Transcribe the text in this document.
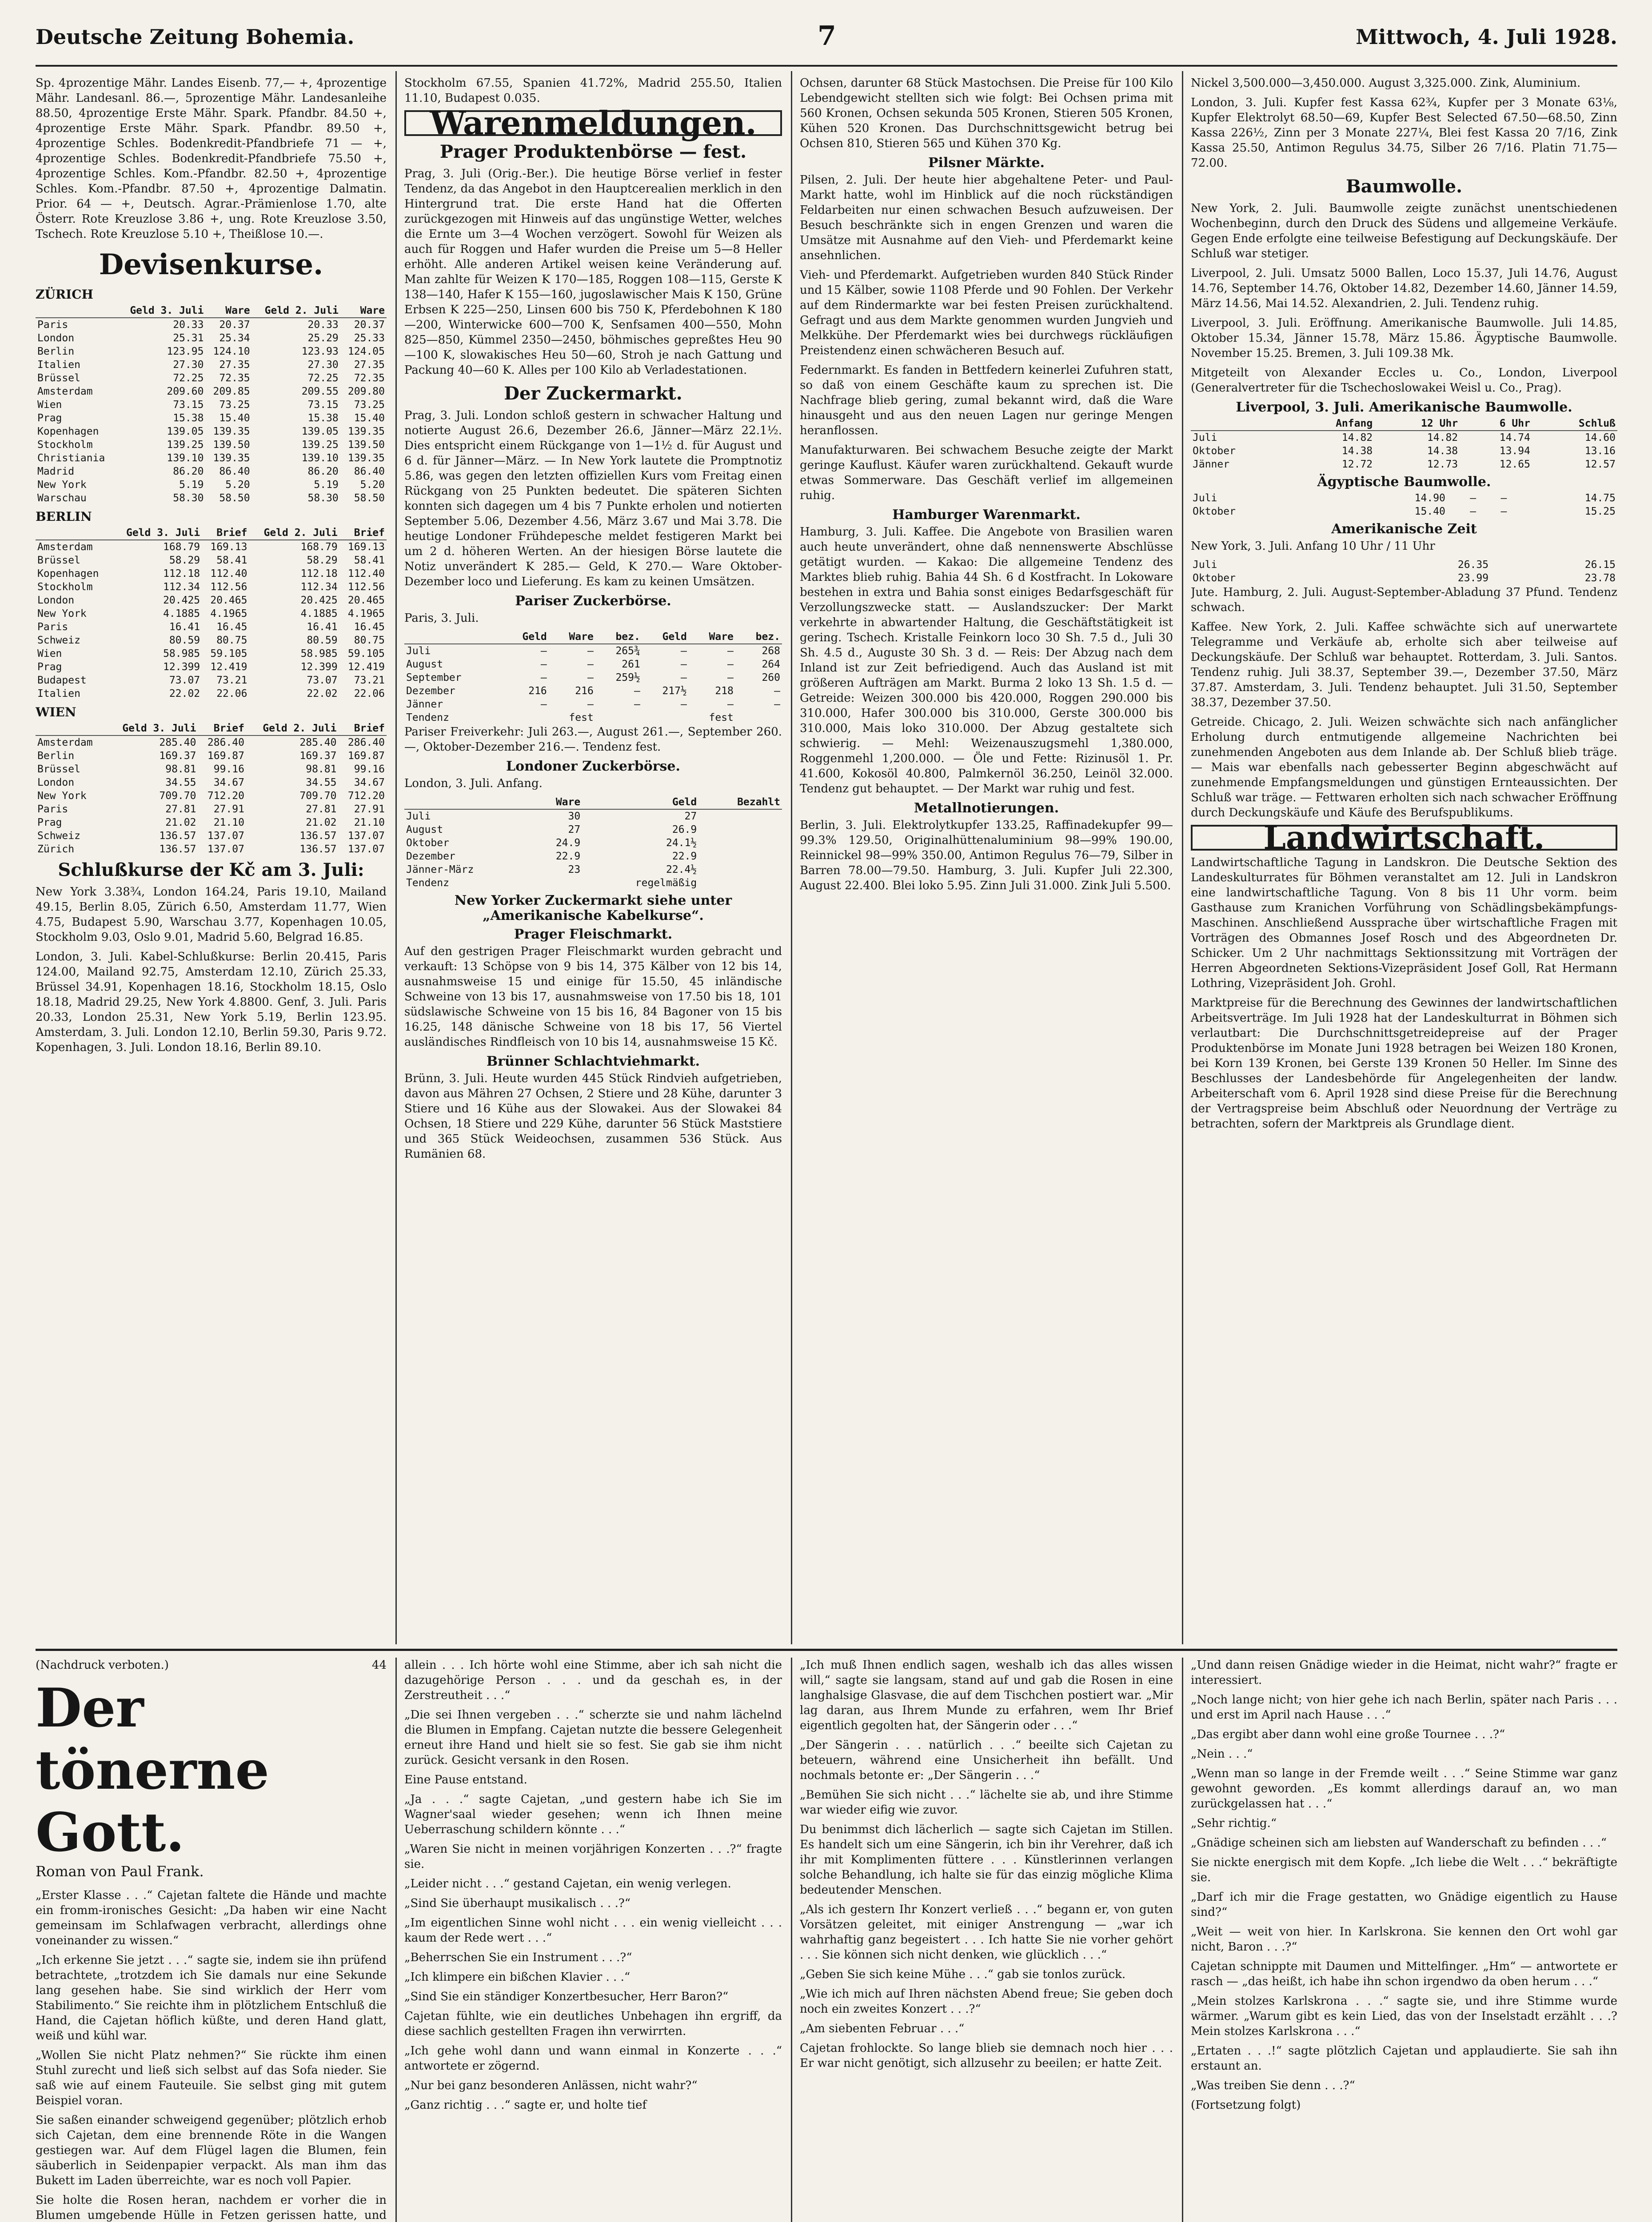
Deutsche Zeitung Bohemia.	7	Mittwoch, 4. Juli 1928.

Sp. 4prozentige Mähr. Landes Eisenb. 77,— +, 4prozentige Mähr. Landesanl. 86.—, 5prozentige Mähr. Landesanleihe 88.50, 4prozentige Erste Mähr. Spark. Pfandbr. 84.50 +, 4prozentige Erste Mähr. Spark. Pfandbr. 89.50 +, 4prozentige Schles. Bodenkredit-Pfandbriefe 71 — +, 4prozentige Schles. Bodenkredit-Pfandbriefe 75.50 +, 4prozentige Schles. Kom.-Pfandbr. 82.50 +, 4prozentige Schles. Kom.-Pfandbr. 87.50 +, 4prozentige Dalmatin. Prior. 64 — +, Deutsch. Agrar.-Prämienlose 1.70, alte Österr. Rote Kreuzlose 3.86 +, ung. Rote Kreuzlose 3.50, Tschech. Rote Kreuzlose 5.10 +, Theißlose 10.—.

Devisenkurse.
ZÜRICH
	Geld 3. Juli	Ware	Geld 2. Juli	Ware
Paris	20.33	20.37	20.33	20.37
London	25.31	25.34	25.29	25.33
Berlin	123.95	124.10	123.93	124.05
Italien	27.30	27.35	27.30	27.35
Brüssel	72.25	72.35	72.25	72.35
Amsterdam	209.60	209.85	209.55	209.80
Wien	73.15	73.25	73.15	73.25
Prag	15.38	15.40	15.38	15.40
Kopenhagen	139.05	139.35	139.05	139.35
Stockholm	139.25	139.50	139.25	139.50
Christiania	139.10	139.35	139.10	139.35
Madrid	86.20	86.40	86.20	86.40
New York	5.19	5.20	5.19	5.20
Warschau	58.30	58.50	58.30	58.50
BERLIN
	Geld 3. Juli	Brief	Geld 2. Juli	Brief
Amsterdam	168.79	169.13	168.79	169.13
Brüssel	58.29	58.41	58.29	58.41
Kopenhagen	112.18	112.40	112.18	112.40
Stockholm	112.34	112.56	112.34	112.56
London	20.425	20.465	20.425	20.465
New York	4.1885	4.1965	4.1885	4.1965
Paris	16.41	16.45	16.41	16.45
Schweiz	80.59	80.75	80.59	80.75
Wien	58.985	59.105	58.985	59.105
Prag	12.399	12.419	12.399	12.419
Budapest	73.07	73.21	73.07	73.21
Italien	22.02	22.06	22.02	22.06
WIEN
	Geld 3. Juli	Brief	Geld 2. Juli	Brief
Amsterdam	285.40	286.40	285.40	286.40
Berlin	169.37	169.87	169.37	169.87
Brüssel	98.81	99.16	98.81	99.16
London	34.55	34.67	34.55	34.67
New York	709.70	712.20	709.70	712.20
Paris	27.81	27.91	27.81	27.91
Prag	21.02	21.10	21.02	21.10
Schweiz	136.57	137.07	136.57	137.07
Zürich	136.57	137.07	136.57	137.07
Schlußkurse der Kč am 3. Juli:

New York 3.38¾, London 164.24, Paris 19.10, Mailand 49.15, Berlin 8.05, Zürich 6.50, Amsterdam 11.77, Wien 4.75, Budapest 5.90, Warschau 3.77, Kopenhagen 10.05, Stockholm 9.03, Oslo 9.01, Madrid 5.60, Belgrad 16.85.

London, 3. Juli. Kabel-Schlußkurse: Berlin 20.415, Paris 124.00, Mailand 92.75, Amsterdam 12.10, Zürich 25.33, Brüssel 34.91, Kopenhagen 18.16, Stockholm 18.15, Oslo 18.18, Madrid 29.25, New York 4.8800. Genf, 3. Juli. Paris 20.33, London 25.31, New York 5.19, Berlin 123.95. Amsterdam, 3. Juli. London 12.10, Berlin 59.30, Paris 9.72. Kopenhagen, 3. Juli. London 18.16, Berlin 89.10.

Stockholm 67.55, Spanien 41.72%, Madrid 255.50, Italien 11.10, Budapest 0.035.

Warenmeldungen.
Prager Produktenbörse — fest.

Prag, 3. Juli (Orig.-Ber.). Die heutige Börse verlief in fester Tendenz, da das Angebot in den Hauptcerealien merklich in den Hintergrund trat. Die erste Hand hat die Offerten zurückgezogen mit Hinweis auf das ungünstige Wetter, welches die Ernte um 3—4 Wochen verzögert. Sowohl für Weizen als auch für Roggen und Hafer wurden die Preise um 5—8 Heller erhöht. Alle anderen Artikel weisen keine Veränderung auf. Man zahlte für Weizen K 170—185, Roggen 108—115, Gerste K 138—140, Hafer K 155—160, jugoslawischer Mais K 150, Grüne Erbsen K 225—250, Linsen 600 bis 750 K, Pferdebohnen K 180—200, Winterwicke 600—700 K, Senfsamen 400—550, Mohn 825—850, Kümmel 2350—2450, böhmisches gepreßtes Heu 90—100 K, slowakisches Heu 50—60, Stroh je nach Gattung und Packung 40—60 K. Alles per 100 Kilo ab Verladestationen.

Der Zuckermarkt.

Prag, 3. Juli. London schloß gestern in schwacher Haltung und notierte August 26.6, Dezember 26.6, Jänner—März 22.1½. Dies entspricht einem Rückgange von 1—1½ d. für August und 6 d. für Jänner—März. — In New York lautete die Promptnotiz 5.86, was gegen den letzten offiziellen Kurs vom Freitag einen Rückgang von 25 Punkten bedeutet. Die späteren Sichten konnten sich dagegen um 4 bis 7 Punkte erholen und notierten September 5.06, Dezember 4.56, März 3.67 und Mai 3.78. Die heutige Londoner Frühdepesche meldet festigeren Markt bei um 2 d. höheren Werten. An der hiesigen Börse lautete die Notiz unverändert K 285.— Geld, K 270.— Ware Oktober-Dezember loco und Lieferung. Es kam zu keinen Umsätzen.

Pariser Zuckerbörse.

Paris, 3. Juli.

	Geld	Ware	bez.	Geld	Ware	bez.
Juli	—	—	265¾	—	—	268
August	—	—	261	—	—	264
September	—	—	259½	—	—	260
Dezember	216	216	—	217½	218	—
Jänner	—	—	—	—	—	—
Tendenz		fest			fest	

Pariser Freiverkehr: Juli 263.—, August 261.—, September 260.—, Oktober-Dezember 216.—. Tendenz fest.

Londoner Zuckerbörse.

London, 3. Juli. Anfang.

	Ware	Geld	Bezahlt
Juli	30	27	
August	27	26.9	
Oktober	24.9	24.1½	
Dezember	22.9	22.9	
Jänner-März	23	22.4½	
Tendenz		regelmäßig	
New Yorker Zuckermarkt siehe unter „Amerikanische Kabelkurse“.
Prager Fleischmarkt.

Auf den gestrigen Prager Fleischmarkt wurden gebracht und verkauft: 13 Schöpse von 9 bis 14, 375 Kälber von 12 bis 14, ausnahmsweise 15 und einige für 15.50, 45 inländische Schweine von 13 bis 17, ausnahmsweise von 17.50 bis 18, 101 südslawische Schweine von 15 bis 16, 84 Bagoner von 15 bis 16.25, 148 dänische Schweine von 18 bis 17, 56 Viertel ausländisches Rindfleisch von 10 bis 14, ausnahmsweise 15 Kč.

Brünner Schlachtviehmarkt.

Brünn, 3. Juli. Heute wurden 445 Stück Rindvieh aufgetrieben, davon aus Mähren 27 Ochsen, 2 Stiere und 28 Kühe, darunter 3 Stiere und 16 Kühe aus der Slowakei. Aus der Slowakei 84 Ochsen, 18 Stiere und 229 Kühe, darunter 56 Stück Maststiere und 365 Stück Weideochsen, zusammen 536 Stück. Aus Rumänien 68.

Ochsen, darunter 68 Stück Mastochsen. Die Preise für 100 Kilo Lebendgewicht stellten sich wie folgt: Bei Ochsen prima mit 560 Kronen, Ochsen sekunda 505 Kronen, Stieren 505 Kronen, Kühen 520 Kronen. Das Durchschnittsgewicht betrug bei Ochsen 810, Stieren 565 und Kühen 370 Kg.

Pilsner Märkte.

Pilsen, 2. Juli. Der heute hier abgehaltene Peter- und Paul-Markt hatte, wohl im Hinblick auf die noch rückständigen Feldarbeiten nur einen schwachen Besuch aufzuweisen. Der Besuch beschränkte sich in engen Grenzen und waren die Umsätze mit Ausnahme auf den Vieh- und Pferdemarkt keine ansehnlichen.

Vieh- und Pferdemarkt. Aufgetrieben wurden 840 Stück Rinder und 15 Kälber, sowie 1108 Pferde und 90 Fohlen. Der Verkehr auf dem Rindermarkte war bei festen Preisen zurückhaltend. Gefragt und aus dem Markte genommen wurden Jungvieh und Melkkühe. Der Pferdemarkt wies bei durchwegs rückläufigen Preistendenz einen schwächeren Besuch auf.

Federnmarkt. Es fanden in Bettfedern keinerlei Zufuhren statt, so daß von einem Geschäfte kaum zu sprechen ist. Die Nachfrage blieb gering, zumal bekannt wird, daß die Ware hinausgeht und aus den neuen Lagen nur geringe Mengen heranflossen.

Manufakturwaren. Bei schwachem Besuche zeigte der Markt geringe Kauflust. Käufer waren zurückhaltend. Gekauft wurde etwas Sommerware. Das Geschäft verlief im allgemeinen ruhig.

Hamburger Warenmarkt.

Hamburg, 3. Juli. Kaffee. Die Angebote von Brasilien waren auch heute unverändert, ohne daß nennenswerte Abschlüsse getätigt wurden. — Kakao: Die allgemeine Tendenz des Marktes blieb ruhig. Bahia 44 Sh. 6 d Kostfracht. In Lokoware bestehen in extra und Bahia sonst einiges Bedarfsgeschäft für Verzollungszwecke statt. — Auslandszucker: Der Markt verkehrte in abwartender Haltung, die Geschäftstätigkeit ist gering. Tschech. Kristalle Feinkorn loco 30 Sh. 7.5 d., Juli 30 Sh. 4.5 d., Auguste 30 Sh. 3 d. — Reis: Der Abzug nach dem Inland ist zur Zeit befriedigend. Auch das Ausland ist mit größeren Aufträgen am Markt. Burma 2 loko 13 Sh. 1.5 d. — Getreide: Weizen 300.000 bis 420.000, Roggen 290.000 bis 310.000, Hafer 300.000 bis 310.000, Gerste 300.000 bis 310.000, Mais loko 310.000. Der Abzug gestaltete sich schwierig. — Mehl: Weizenauszugsmehl 1,380.000, Roggenmehl 1,200.000. — Öle und Fette: Rizinusöl 1. Pr. 41.600, Kokosöl 40.800, Palmkernöl 36.250, Leinöl 32.000. Tendenz gut behauptet. — Der Markt war ruhig und fest.

Metallnotierungen.

Berlin, 3. Juli. Elektrolytkupfer 133.25, Raffinadekupfer 99—99.3% 129.50, Originalhüttenaluminium 98—99% 190.00, Reinnickel 98—99% 350.00, Antimon Regulus 76—79, Silber in Barren 78.00—79.50. Hamburg, 3. Juli. Kupfer Juli 22.300, August 22.400. Blei loko 5.95. Zinn Juli 31.000. Zink Juli 5.500.

Nickel 3,500.000—3,450.000. August 3,325.000. Zink, Aluminium.

London, 3. Juli. Kupfer fest Kassa 62¾, Kupfer per 3 Monate 63⅛, Kupfer Elektrolyt 68.50—69, Kupfer Best Selected 67.50—68.50, Zinn Kassa 226½, Zinn per 3 Monate 227¼, Blei fest Kassa 20 7/16, Zink Kassa 25.50, Antimon Regulus 34.75, Silber 26 7/16. Platin 71.75—72.00.

Baumwolle.

New York, 2. Juli. Baumwolle zeigte zunächst unentschiedenen Wochenbeginn, durch den Druck des Südens und allgemeine Verkäufe. Gegen Ende erfolgte eine teilweise Befestigung auf Deckungskäufe. Der Schluß war stetiger.

Liverpool, 2. Juli. Umsatz 5000 Ballen, Loco 15.37, Juli 14.76, August 14.76, September 14.76, Oktober 14.82, Dezember 14.60, Jänner 14.59, März 14.56, Mai 14.52. Alexandrien, 2. Juli. Tendenz ruhig.

Liverpool, 3. Juli. Eröffnung. Amerikanische Baumwolle. Juli 14.85, Oktober 15.34, Jänner 15.78, März 15.86. Ägyptische Baumwolle. November 15.25. Bremen, 3. Juli 109.38 Mk.

Mitgeteilt von Alexander Eccles u. Co., London, Liverpool (Generalvertreter für die Tschechoslowakei Weisl u. Co., Prag).

Liverpool, 3. Juli. Amerikanische Baumwolle.
	Anfang	12 Uhr	6 Uhr	Schluß
Juli	14.82	14.82	14.74	14.60
Oktober	14.38	14.38	13.94	13.16
Jänner	12.72	12.73	12.65	12.57
Ägyptische Baumwolle.
Juli	14.90	—	—	14.75
Oktober	15.40	—	—	15.25
Amerikanische Zeit

New York, 3. Juli. Anfang 10 Uhr / 11 Uhr

Juli	26.35	26.15
Oktober	23.99	23.78

Jute. Hamburg, 2. Juli. August-September-Abladung 37 Pfund. Tendenz schwach.

Kaffee. New York, 2. Juli. Kaffee schwächte sich auf unerwartete Telegramme und Verkäufe ab, erholte sich aber teilweise auf Deckungskäufe. Der Schluß war behauptet. Rotterdam, 3. Juli. Santos. Tendenz ruhig. Juli 38.37, September 39.—, Dezember 37.50, März 37.87. Amsterdam, 3. Juli. Tendenz behauptet. Juli 31.50, September 38.37, Dezember 37.50.

Getreide. Chicago, 2. Juli. Weizen schwächte sich nach anfänglicher Erholung durch entmutigende allgemeine Nachrichten bei zunehmenden Angeboten aus dem Inlande ab. Der Schluß blieb träge. — Mais war ebenfalls nach gebesserter Beginn abgeschwächt auf zunehmende Empfangsmeldungen und günstigen Ernteaussichten. Der Schluß war träge. — Fettwaren erholten sich nach schwacher Eröffnung durch Deckungskäufe und Käufe des Berufspublikums.

Landwirtschaft.

Landwirtschaftliche Tagung in Landskron. Die Deutsche Sektion des Landeskulturrates für Böhmen veranstaltet am 12. Juli in Landskron eine landwirtschaftliche Tagung. Von 8 bis 11 Uhr vorm. beim Gasthause zum Kranichen Vorführung von Schädlingsbekämpfungs-Maschinen. Anschließend Aussprache über wirtschaftliche Fragen mit Vorträgen des Obmannes Josef Rosch und des Abgeordneten Dr. Schicker. Um 2 Uhr nachmittags Sektionssitzung mit Vorträgen der Herren Abgeordneten Sektions-Vizepräsident Josef Goll, Rat Hermann Lothring, Vizepräsident Joh. Grohl.

Marktpreise für die Berechnung des Gewinnes der landwirtschaftlichen Arbeitsverträge. Im Juli 1928 hat der Landeskulturrat in Böhmen sich verlautbart: Die Durchschnittsgetreidepreise auf der Prager Produktenbörse im Monate Juni 1928 betragen bei Weizen 180 Kronen, bei Korn 139 Kronen, bei Gerste 139 Kronen 50 Heller. Im Sinne des Beschlusses der Landesbehörde für Angelegenheiten der landw. Arbeiterschaft vom 6. April 1928 sind diese Preise für die Berechnung der Vertragspreise beim Abschluß oder Neuordnung der Verträge zu betrachten, sofern der Marktpreis als Grundlage dient.

(Nachdruck verboten.)	44
Der tönerne Gott.
Roman von Paul Frank.

„Erster Klasse . . .“ Cajetan faltete die Hände und machte ein fromm-ironisches Gesicht: „Da haben wir eine Nacht gemeinsam im Schlafwagen verbracht, allerdings ohne voneinander zu wissen.“

„Ich erkenne Sie jetzt . . .“ sagte sie, indem sie ihn prüfend betrachtete, „trotzdem ich Sie damals nur eine Sekunde lang gesehen habe. Sie sind wirklich der Herr vom Stabilimento.“ Sie reichte ihm in plötzlichem Entschluß die Hand, die Cajetan höflich küßte, und deren Hand glatt, weiß und kühl war.

„Wollen Sie nicht Platz nehmen?“ Sie rückte ihm einen Stuhl zurecht und ließ sich selbst auf das Sofa nieder. Sie saß wie auf einem Fauteuile. Sie selbst ging mit gutem Beispiel voran.

Sie saßen einander schweigend gegenüber; plötzlich erhob sich Cajetan, dem eine brennende Röte in die Wangen gestiegen war. Auf dem Flügel lagen die Blumen, fein säuberlich in Seidenpapier verpackt. Als man ihm das Bukett im Laden überreichte, war es noch voll Papier.

Sie holte die Rosen heran, nachdem er vorher die in Blumen umgebende Hülle in Fetzen gerissen hatte, und

allein . . . Ich hörte wohl eine Stimme, aber ich sah nicht die dazugehörige Person . . . und da geschah es, in der Zerstreutheit . . .“

„Die sei Ihnen vergeben . . .“ scherzte sie und nahm lächelnd die Blumen in Empfang. Cajetan nutzte die bessere Gelegenheit erneut ihre Hand und hielt sie so fest. Sie gab sie ihm nicht zurück. Gesicht versank in den Rosen.

Eine Pause entstand.

„Ja . . .“ sagte Cajetan, „und gestern habe ich Sie im Wagner'saal wieder gesehen; wenn ich Ihnen meine Ueberraschung schildern könnte . . .“

„Waren Sie nicht in meinen vorjährigen Konzerten . . .?“ fragte sie.

„Leider nicht . . .“ gestand Cajetan, ein wenig verlegen.

„Sind Sie überhaupt musikalisch . . .?“

„Im eigentlichen Sinne wohl nicht . . . ein wenig vielleicht . . . kaum der Rede wert . . .“

„Beherrschen Sie ein Instrument . . .?“

„Ich klimpere ein bißchen Klavier . . .“

„Sind Sie ein ständiger Konzertbesucher, Herr Baron?“

Cajetan fühlte, wie ein deutliches Unbehagen ihn ergriff, da diese sachlich gestellten Fragen ihn verwirrten.

„Ich gehe wohl dann und wann einmal in Konzerte . . .“ antwortete er zögernd.

„Nur bei ganz besonderen Anlässen, nicht wahr?“

„Ganz richtig . . .“ sagte er, und holte tief

„Ich muß Ihnen endlich sagen, weshalb ich das alles wissen will,“ sagte sie langsam, stand auf und gab die Rosen in eine langhalsige Glasvase, die auf dem Tischchen postiert war. „Mir lag daran, aus Ihrem Munde zu erfahren, wem Ihr Brief eigentlich gegolten hat, der Sängerin oder . . .“

„Der Sängerin . . . natürlich . . .“ beeilte sich Cajetan zu beteuern, während eine Unsicherheit ihn befällt. Und nochmals betonte er: „Der Sängerin . . .“

„Bemühen Sie sich nicht . . .“ lächelte sie ab, und ihre Stimme war wieder eifig wie zuvor.

Du benimmst dich lächerlich — sagte sich Cajetan im Stillen. Es handelt sich um eine Sängerin, ich bin ihr Verehrer, daß ich ihr mit Komplimenten füttere . . . Künstlerinnen verlangen solche Behandlung, ich halte sie für das einzig mögliche Klima bedeutender Menschen.

„Als ich gestern Ihr Konzert verließ . . .“ begann er, von guten Vorsätzen geleitet, mit einiger Anstrengung — „war ich wahrhaftig ganz begeistert . . . Ich hatte Sie nie vorher gehört . . . Sie können sich nicht denken, wie glücklich . . .“

„Geben Sie sich keine Mühe . . .“ gab sie tonlos zurück.

„Wie ich mich auf Ihren nächsten Abend freue; Sie geben doch noch ein zweites Konzert . . .?“

„Am siebenten Februar . . .“

Cajetan frohlockte. So lange blieb sie demnach noch hier . . . Er war nicht genötigt, sich allzusehr zu beeilen; er hatte Zeit.

„Und dann reisen Gnädige wieder in die Heimat, nicht wahr?“ fragte er interessiert.

„Noch lange nicht; von hier gehe ich nach Berlin, später nach Paris . . . und erst im April nach Hause . . .“

„Das ergibt aber dann wohl eine große Tournee . . .?“

„Nein . . .“

„Wenn man so lange in der Fremde weilt . . .“ Seine Stimme war ganz gewohnt geworden. „Es kommt allerdings darauf an, wo man zurückgelassen hat . . .“

„Sehr richtig.“

„Gnädige scheinen sich am liebsten auf Wanderschaft zu befinden . . .“

Sie nickte energisch mit dem Kopfe. „Ich liebe die Welt . . .“ bekräftigte sie.

„Darf ich mir die Frage gestatten, wo Gnädige eigentlich zu Hause sind?“

„Weit — weit von hier. In Karlskrona. Sie kennen den Ort wohl gar nicht, Baron . . .?“

Cajetan schnippte mit Daumen und Mittelfinger. „Hm“ — antwortete er rasch — „das heißt, ich habe ihn schon irgendwo da oben herum . . .“

„Mein stolzes Karlskrona . . .“ sagte sie, und ihre Stimme wurde wärmer. „Warum gibt es kein Lied, das von der Inselstadt erzählt . . .? Mein stolzes Karlskrona . . .“

„Ertaten . . .!“ sagte plötzlich Cajetan und applaudierte. Sie sah ihn erstaunt an.

„Was treiben Sie denn . . .?“

(Fortsetzung folgt)
